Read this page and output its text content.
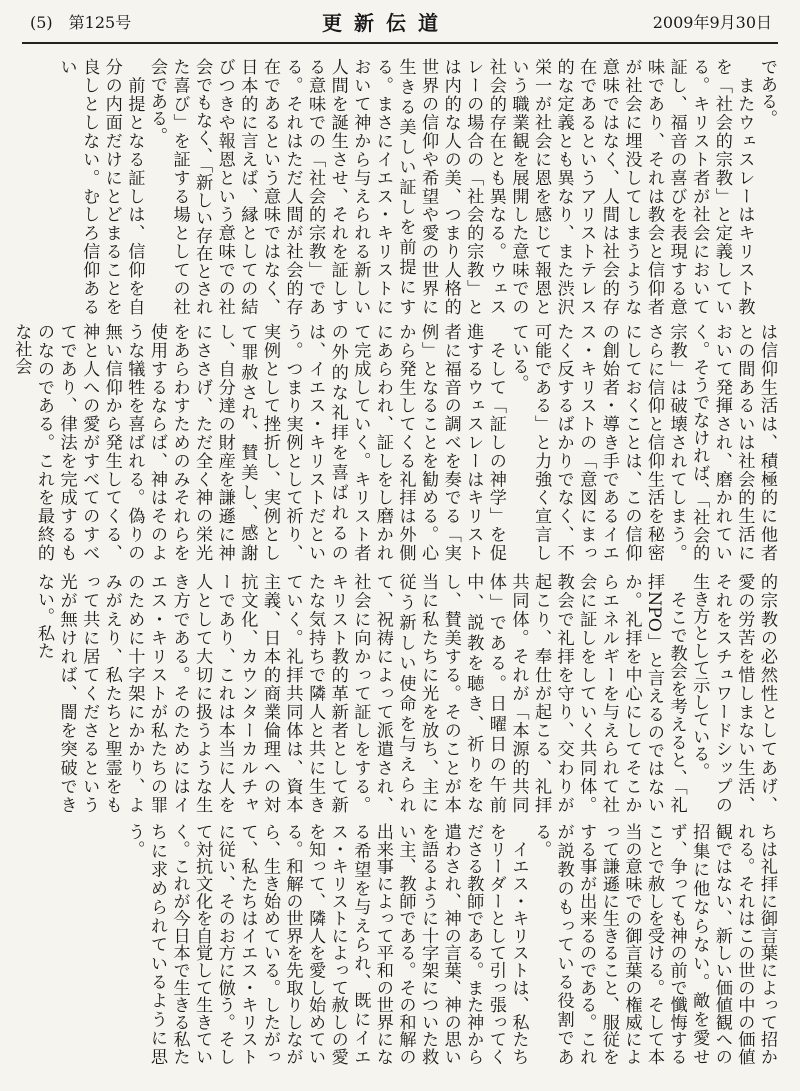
(5)　第125号	更新伝道	2009年9月30日

である。
　またウェスレーはキリスト教を「社会的宗教」と定義している。キリスト者が社会において証し、福音の喜びを表現する意味であり、それは教会と信仰者が社会に埋没してしまうような意味ではなく、人間は社会的存在であるというアリストテレス的な定義とも異なり、また渋沢栄一が社会に恩を感じて報恩という職業観を展開した意味での社会的存在とも異なる。ウェスレーの場合の「社会的宗教」とは内的な人の美、つまり人格的世界の信仰や希望や愛の世界に生きる美しい証しを前提にする。まさにイエス・キリストにおいて神から与えられる新しい人間を誕生させ、それを証しする意味での「社会的宗教」である。それはただ人間が社会的存在であるという意味ではなく、日本的に言えば、縁としての結びつきや報恩という意味での社会でもなく、「新しい存在とされた喜び」を証する場としての社会である。
　前提となる証しは、信仰を自分の内面だけにとどまることを良しとしない。むしろ信仰あるい

は信仰生活は、積極的に他者との間あるいは社会的生活において発揮され、磨かれていく。そうでなければ、「社会的宗教」は破壊されてしまう。さらに信仰と信仰生活を秘密にしておくことは、この信仰の創始者・導き手であるイエス・キリストの「意図にまったく反するばかりでなく、不可能である」と力強く宣言している。
　そして「証しの神学」を促進するウェスレーはキリスト者に福音の調べを奏でる「実例」となることを勧める。心から発生してくる礼拝は外側にあらわれ、証しをし磨かれて完成していく。キリスト者の外的な礼拝を喜ばれるのは、イエス・キリストだという。つまり実例として祈り、実例として挫折し、実例として罪赦され、賛美し、感謝し、自分達の財産を謙遜に神にささげ、ただ全く神の栄光をあらわすためのみそれらを使用するならば、神はそのような犠牲を喜ばれる。偽りの無い信仰から発生してくる、神と人への愛がすべてのすべてであり、律法を完成するものなのである。これを最終的な社会

的宗教の必然性としてあげ、愛の労苦を惜しまない生活、それをスチュワードシップの生き方として示している。
　そこで教会を考えると、「礼拝NPO」と言えるのではないか。礼拝を中心にしてそこからエネルギーを与えられて社会に証しをしていく共同体。教会で礼拝を守り、交わりが起こり、奉仕が起こる、礼拝共同体。それが「本源的共同体」である。日曜日の午前中、説教を聴き、祈りをなし、賛美する。そのことが本当に私たちに光を放ち、主に従う新しい使命を与えられて、祝祷によって派遣され、社会に向かって証しをする。キリスト教的革新者として新たな気持ちで隣人と共に生きていく。礼拝共同体は、資本主義、日本的商業倫理への対抗文化、カウンターカルチャーであり、これは本当に人を人として大切に扱うような生き方である。そのためにはイエス・キリストが私たちの罪のために十字架にかかり、よみがえり、私たちと聖霊をもって共に居てくださるという光が無ければ、闇を突破できない。私た

ちは礼拝に御言葉によって招かれる。それはこの世の中の価値観ではない、新しい価値観への招集に他ならない。敵を愛せず、争っても神の前で懺悔することで赦しを受ける。そして本当の意味での御言葉の権威によって謙遜に生きること、服従をする事が出来るのである。これが説教のもっている役割である。
　イエス・キリストは、私たちをリーダーとして引っ張ってくださる教師である。また神から遣わされ、神の言葉、神の思いを語るように十字架についた救い主、教師である。その和解の出来事によって平和の世界になる希望を与えられ、既にイエス・キリストによって赦しの愛を知って、隣人を愛し始めている。和解の世界を先取りしながら、生き始めている。したがって、私たちはイエス・キリストに従い、そのお方に倣う。そして対抗文化を自覚して生きていく。これが今日本で生きる私たちに求められているように思う。
